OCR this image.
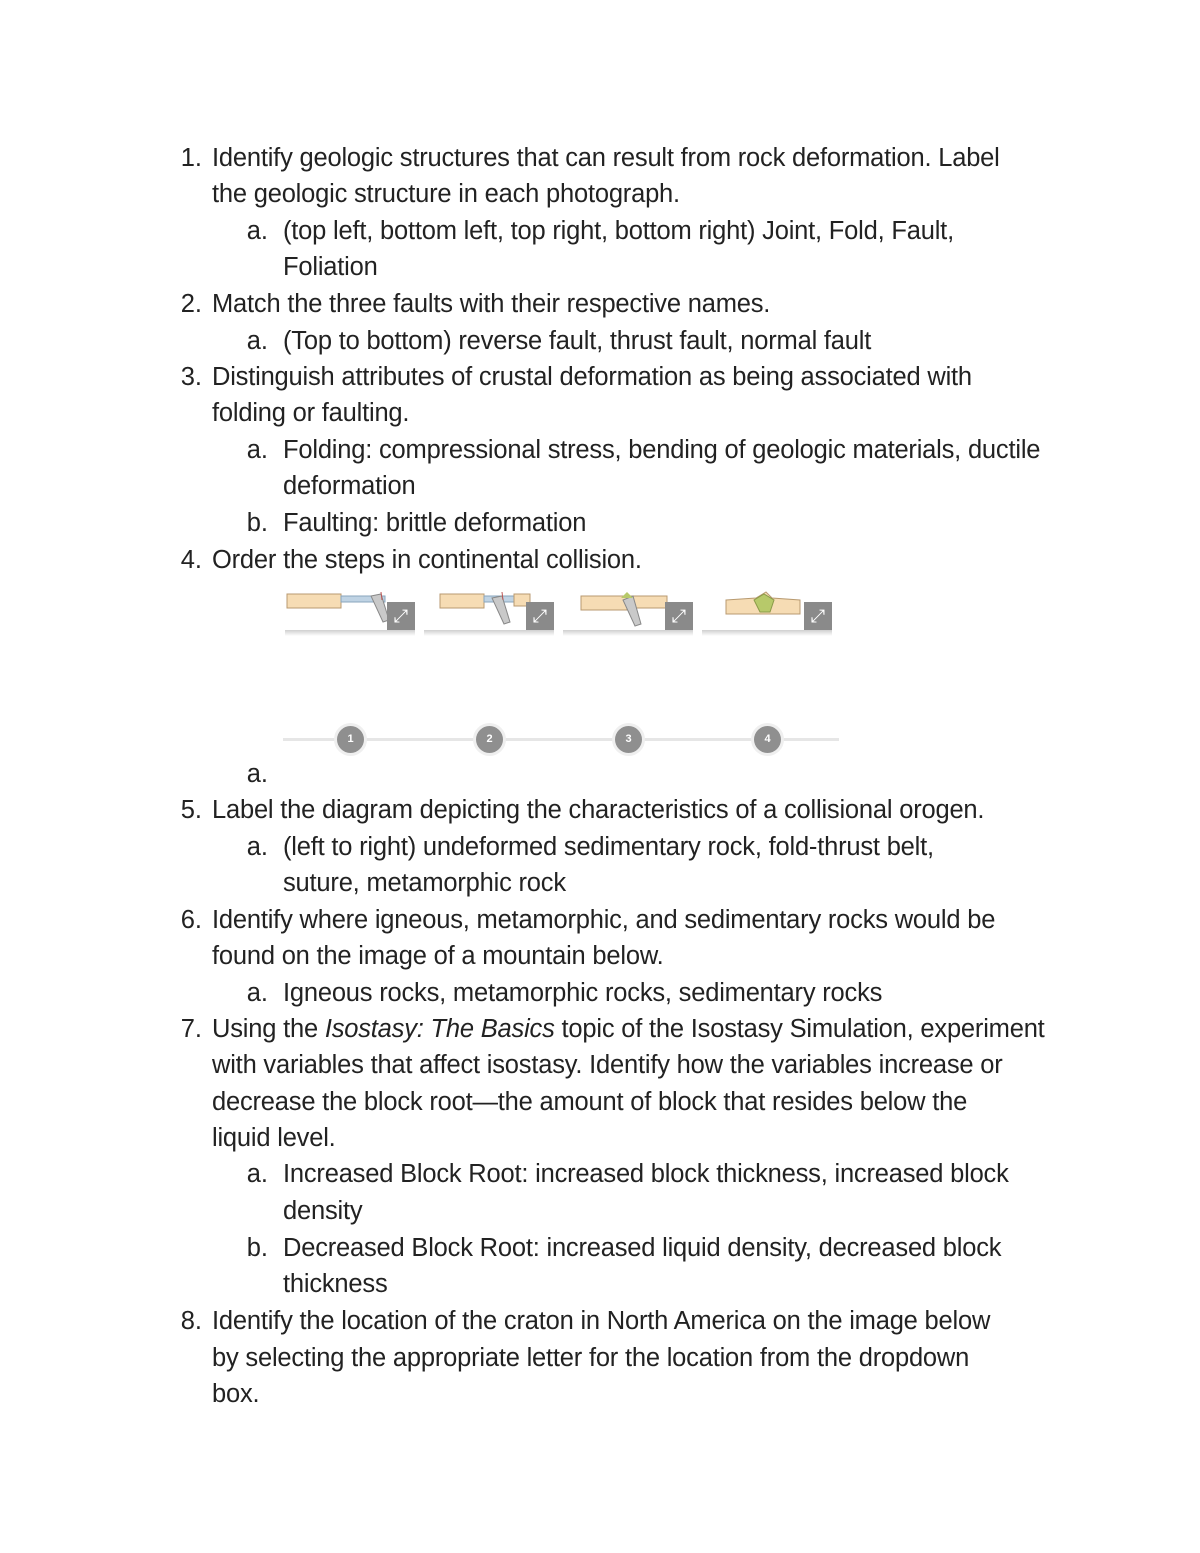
1. Identify geologic structures that can result from rock deformation. Label
the geologic structure in each photograph.
a. (top left, bottom left, top right, bottom right) Joint, Fold, Fault,
Foliation
2. Match the three faults with their respective names.
a. (Top to bottom) reverse fault, thrust fault, normal fault
3. Distinguish attributes of crustal deformation as being associated with
folding or faulting.
a. Folding: compressional stress, bending of geologic materials, ductile
deformation
b. Faulting: brittle deformation
4. Order the steps in continental collision.
⤢	⤢	⤢	⤢
1	2	3	4
a.
5. Label the diagram depicting the characteristics of a collisional orogen.
a. (left to right) undeformed sedimentary rock, fold-thrust belt,
suture, metamorphic rock
6. Identify where igneous, metamorphic, and sedimentary rocks would be
found on the image of a mountain below.
a. Igneous rocks, metamorphic rocks, sedimentary rocks
7. Using the Isostasy: The Basics topic of the Isostasy Simulation, experiment
with variables that affect isostasy. Identify how the variables increase or
decrease the block root—the amount of block that resides below the
liquid level.
a. Increased Block Root: increased block thickness, increased block
density
b. Decreased Block Root: increased liquid density, decreased block
thickness
8. Identify the location of the craton in North America on the image below
by selecting the appropriate letter for the location from the dropdown
box.
